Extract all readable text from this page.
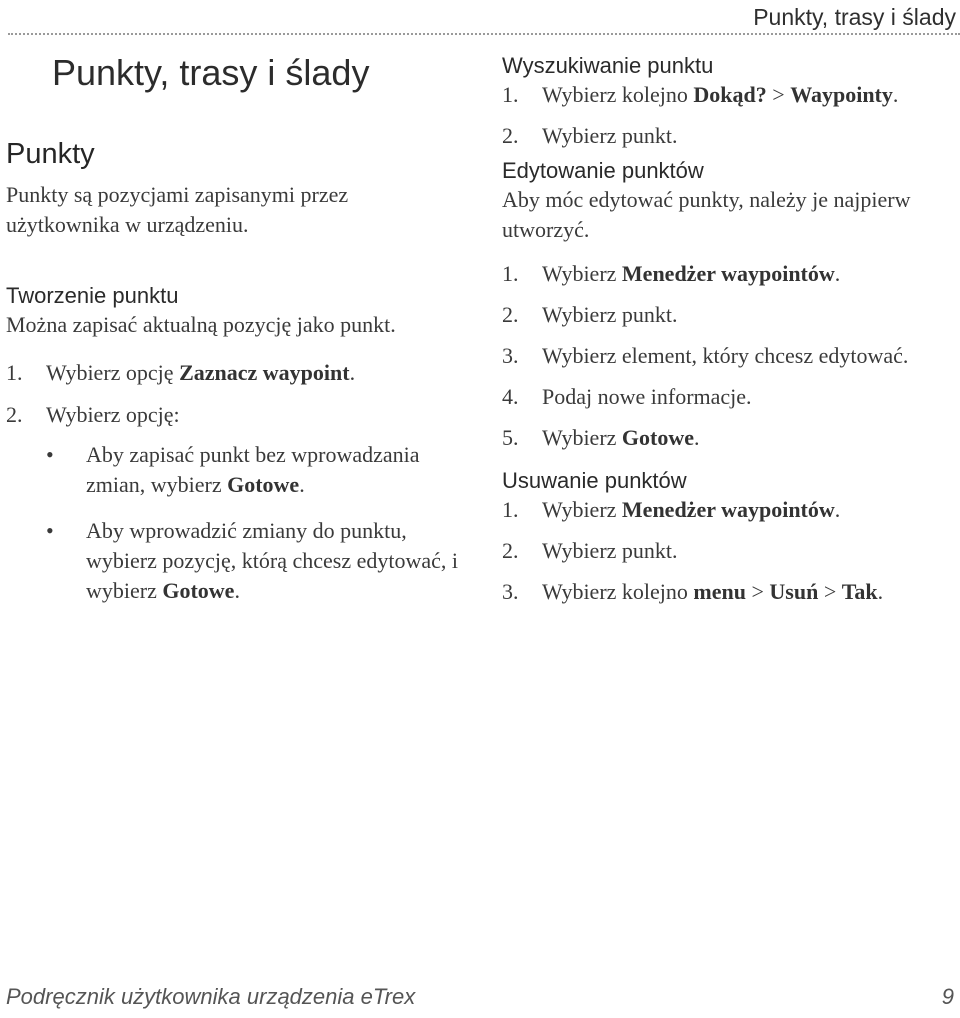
Punkty, trasy i ślady
Punkty, trasy i ślady
Punkty

Punkty są pozycjami zapisanymi przez użytkownika w urządzeniu.

Tworzenie punktu

Można zapisać aktualną pozycję jako punkt.

1.	Wybierz opcję Zaznacz waypoint.
2.	Wybierz opcję:
•	Aby zapisać punkt bez wprowadzania zmian, wybierz Gotowe.
•	Aby wprowadzić zmiany do punktu, wybierz pozycję, którą chcesz edytować, i wybierz Gotowe.
Wyszukiwanie punktu
1.	Wybierz kolejno Dokąd? > Waypointy.
2.	Wybierz punkt.
Edytowanie punktów

Aby móc edytować punkty, należy je najpierw utworzyć.

1.	Wybierz Menedżer waypointów.
2.	Wybierz punkt.
3.	Wybierz element, który chcesz edytować.
4.	Podaj nowe informacje.
5.	Wybierz Gotowe.
Usuwanie punktów
1.	Wybierz Menedżer waypointów.
2.	Wybierz punkt.
3.	Wybierz kolejno menu > Usuń > Tak.
Podręcznik użytkownika urządzenia eTrex	9
